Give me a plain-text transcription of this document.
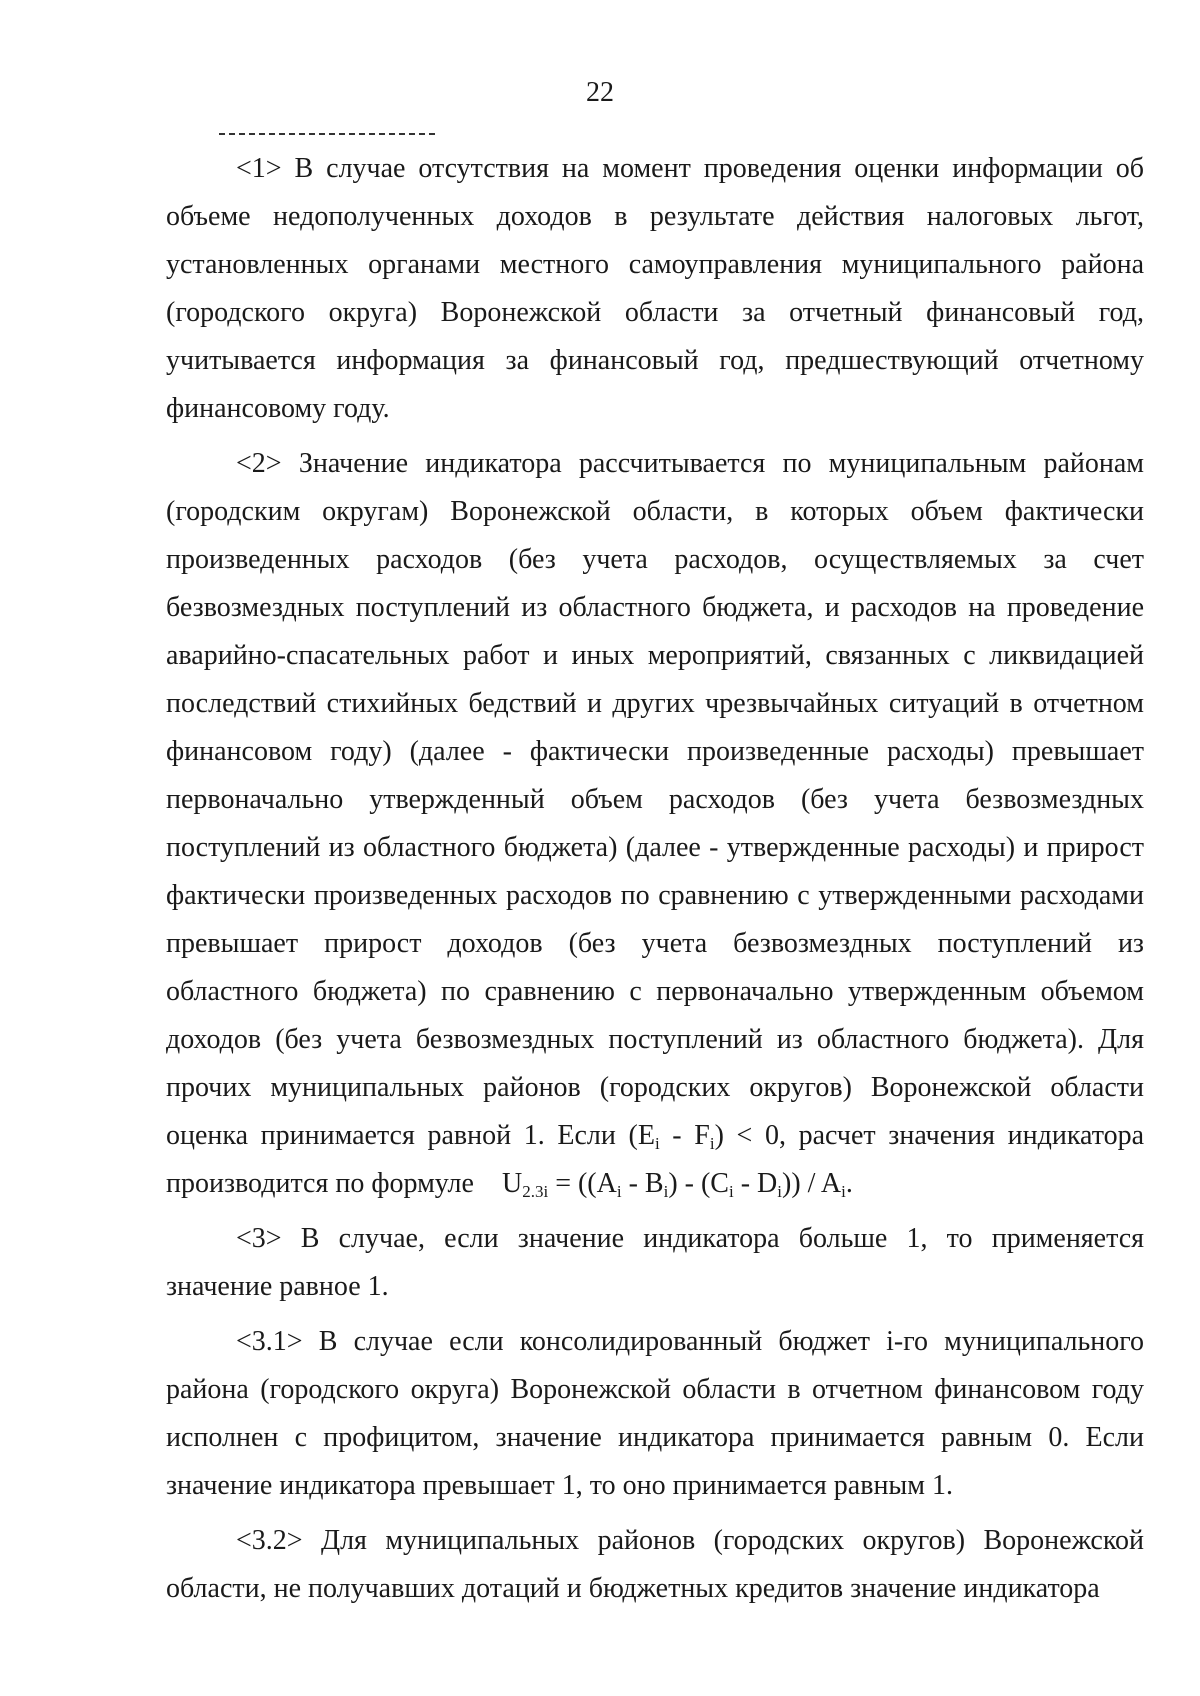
22

<1> В случае отсутствия на момент проведения оценки информации об объеме недополученных доходов в результате действия налоговых льгот, установленных органами местного самоуправления муниципального района (городского округа) Воронежской области за отчетный финансовый год, учитывается информация за финансовый год, предшествующий отчетному финансовому году.

<2> Значение индикатора рассчитывается по муниципальным районам (городским округам) Воронежской области, в которых объем фактически произведенных расходов (без учета расходов, осуществляемых за счет безвозмездных поступлений из областного бюджета, и расходов на проведение аварийно-спасательных работ и иных мероприятий, связанных с ликвидацией последствий стихийных бедствий и других чрезвычайных ситуаций в отчетном финансовом году) (далее - фактически произведенные расходы) превышает первоначально утвержденный объем расходов (без учета безвозмездных поступлений из областного бюджета) (далее - утвержденные расходы) и прирост фактически произведенных расходов по сравнению с утвержденными расходами превышает прирост доходов (без учета безвозмездных поступлений из областного бюджета) по сравнению с первоначально утвержденным объемом доходов (без учета безвозмездных поступлений из областного бюджета). Для прочих муниципальных районов (городских округов) Воронежской области оценка принимается равной 1. Если $(E_i - F_i) < 0$, расчет значения индикатора производится по формуле $U_{2.3i} = ((A_i - B_i) - (C_i - D_i)) / A_i$.

<3> В случае, если значение индикатора больше 1, то применяется значение равное 1.

<3.1> В случае если консолидированный бюджет i-го муниципального района (городского округа) Воронежской области в отчетном финансовом году исполнен с профицитом, значение индикатора принимается равным 0. Если значение индикатора превышает 1, то оно принимается равным 1.

<3.2> Для муниципальных районов (городских округов) Воронежской области, не получавших дотаций и бюджетных кредитов значение индикатора
